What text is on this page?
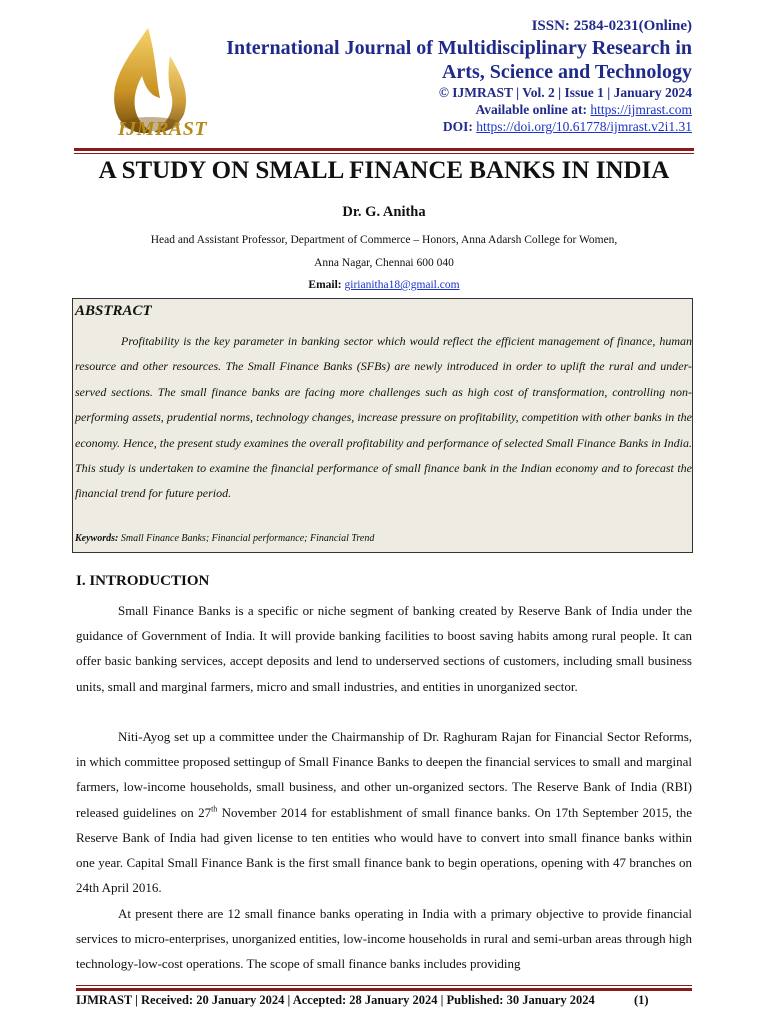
IJMRAST
ISSN: 2584-0231(Online)
International Journal of Multidisciplinary Research in
Arts, Science and Technology
© IJMRAST | Vol. 2 | Issue 1 | January 2024
Available online at: https://ijmrast.com
DOI: https://doi.org/10.61778/ijmrast.v2i1.31
A STUDY ON SMALL FINANCE BANKS IN INDIA
Dr. G. Anitha
Head and Assistant Professor, Department of Commerce – Honors, Anna Adarsh College for Women,
Anna Nagar, Chennai 600 040
Email: girianitha18@gmail.com
ABSTRACT
Profitability is the key parameter in banking sector which would reflect the efficient management of finance, human resource and other resources. The Small Finance Banks (SFBs) are newly introduced in order to uplift the rural and under-served sections. The small finance banks are facing more challenges such as high cost of transformation, controlling non-performing assets, prudential norms, technology changes, increase pressure on profitability, competition with other banks in the economy. Hence, the present study examines the overall profitability and performance of selected Small Finance Banks in India. This study is undertaken to examine the financial performance of small finance bank in the Indian economy and to forecast the financial trend for future period.
Keywords: Small Finance Banks; Financial performance; Financial Trend
I. INTRODUCTION
Small Finance Banks is a specific or niche segment of banking created by Reserve Bank of India under the guidance of Government of India. It will provide banking facilities to boost saving habits among rural people. It can offer basic banking services, accept deposits and lend to underserved sections of customers, including small business units, small and marginal farmers, micro and small industries, and entities in unorganized sector.
Niti-Ayog set up a committee under the Chairmanship of Dr. Raghuram Rajan for Financial Sector Reforms, in which committee proposed settingup of Small Finance Banks to deepen the financial services to small and marginal farmers, low-income households, small business, and other un-organized sectors. The Reserve Bank of India (RBI) released guidelines on 27th November 2014 for establishment of small finance banks. On 17th September 2015, the Reserve Bank of India had given license to ten entities who would have to convert into small finance banks within one year. Capital Small Finance Bank is the first small finance bank to begin operations, opening with 47 branches on 24th April 2016.
At present there are 12 small finance banks operating in India with a primary objective to provide financial services to micro-enterprises, unorganized entities, low-income households in rural and semi-urban areas through high technology-low-cost operations. The scope of small finance banks includes providing
IJMRAST | Received: 20 January 2024 | Accepted: 28 January 2024 | Published: 30 January 2024	(1)
